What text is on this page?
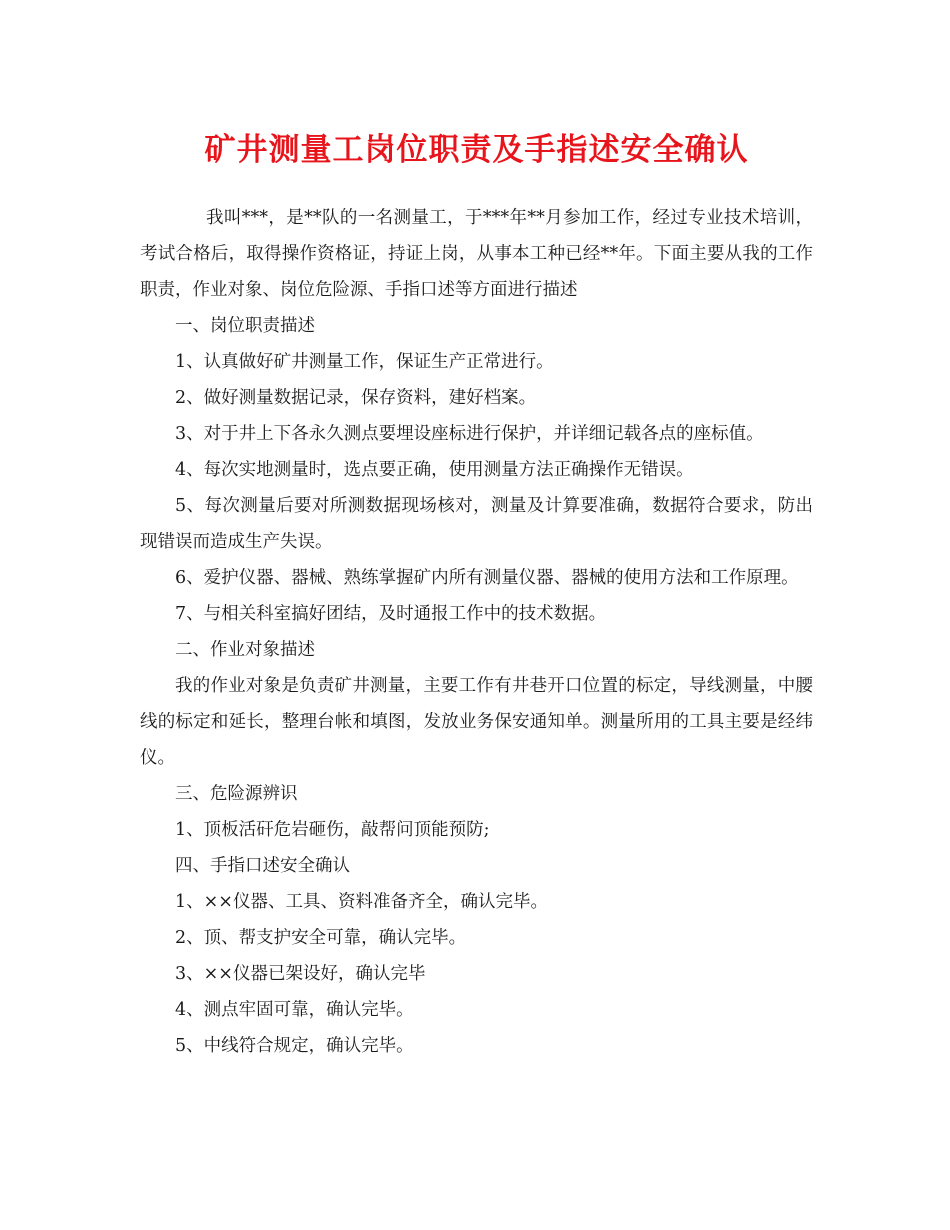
矿井测量工岗位职责及手指述安全确认

我叫***，是**队的一名测量工，于***年**月参加工作，经过专业技术培训，考试合格后，取得操作资格证，持证上岗，从事本工种已经**年。下面主要从我的工作职责，作业对象、岗位危险源、手指口述等方面进行描述

一、岗位职责描述

1、认真做好矿井测量工作，保证生产正常进行。

2、做好测量数据记录，保存资料，建好档案。

3、对于井上下各永久测点要埋设座标进行保护，并详细记载各点的座标值。

4、每次实地测量时，选点要正确，使用测量方法正确操作无错误。

5、每次测量后要对所测数据现场核对，测量及计算要准确，数据符合要求，防出现错误而造成生产失误。

6、爱护仪器、器械、熟练掌握矿内所有测量仪器、器械的使用方法和工作原理。

7、与相关科室搞好团结，及时通报工作中的技术数据。

二、作业对象描述

我的作业对象是负责矿井测量，主要工作有井巷开口位置的标定，导线测量，中腰线的标定和延长，整理台帐和填图，发放业务保安通知单。测量所用的工具主要是经纬仪。

三、危险源辨识

1、顶板活矸危岩砸伤，敲帮问顶能预防;

四、手指口述安全确认

1、××仪器、工具、资料准备齐全，确认完毕。

2、顶、帮支护安全可靠，确认完毕。

3、××仪器已架设好，确认完毕

4、测点牢固可靠，确认完毕。

5、中线符合规定，确认完毕。
